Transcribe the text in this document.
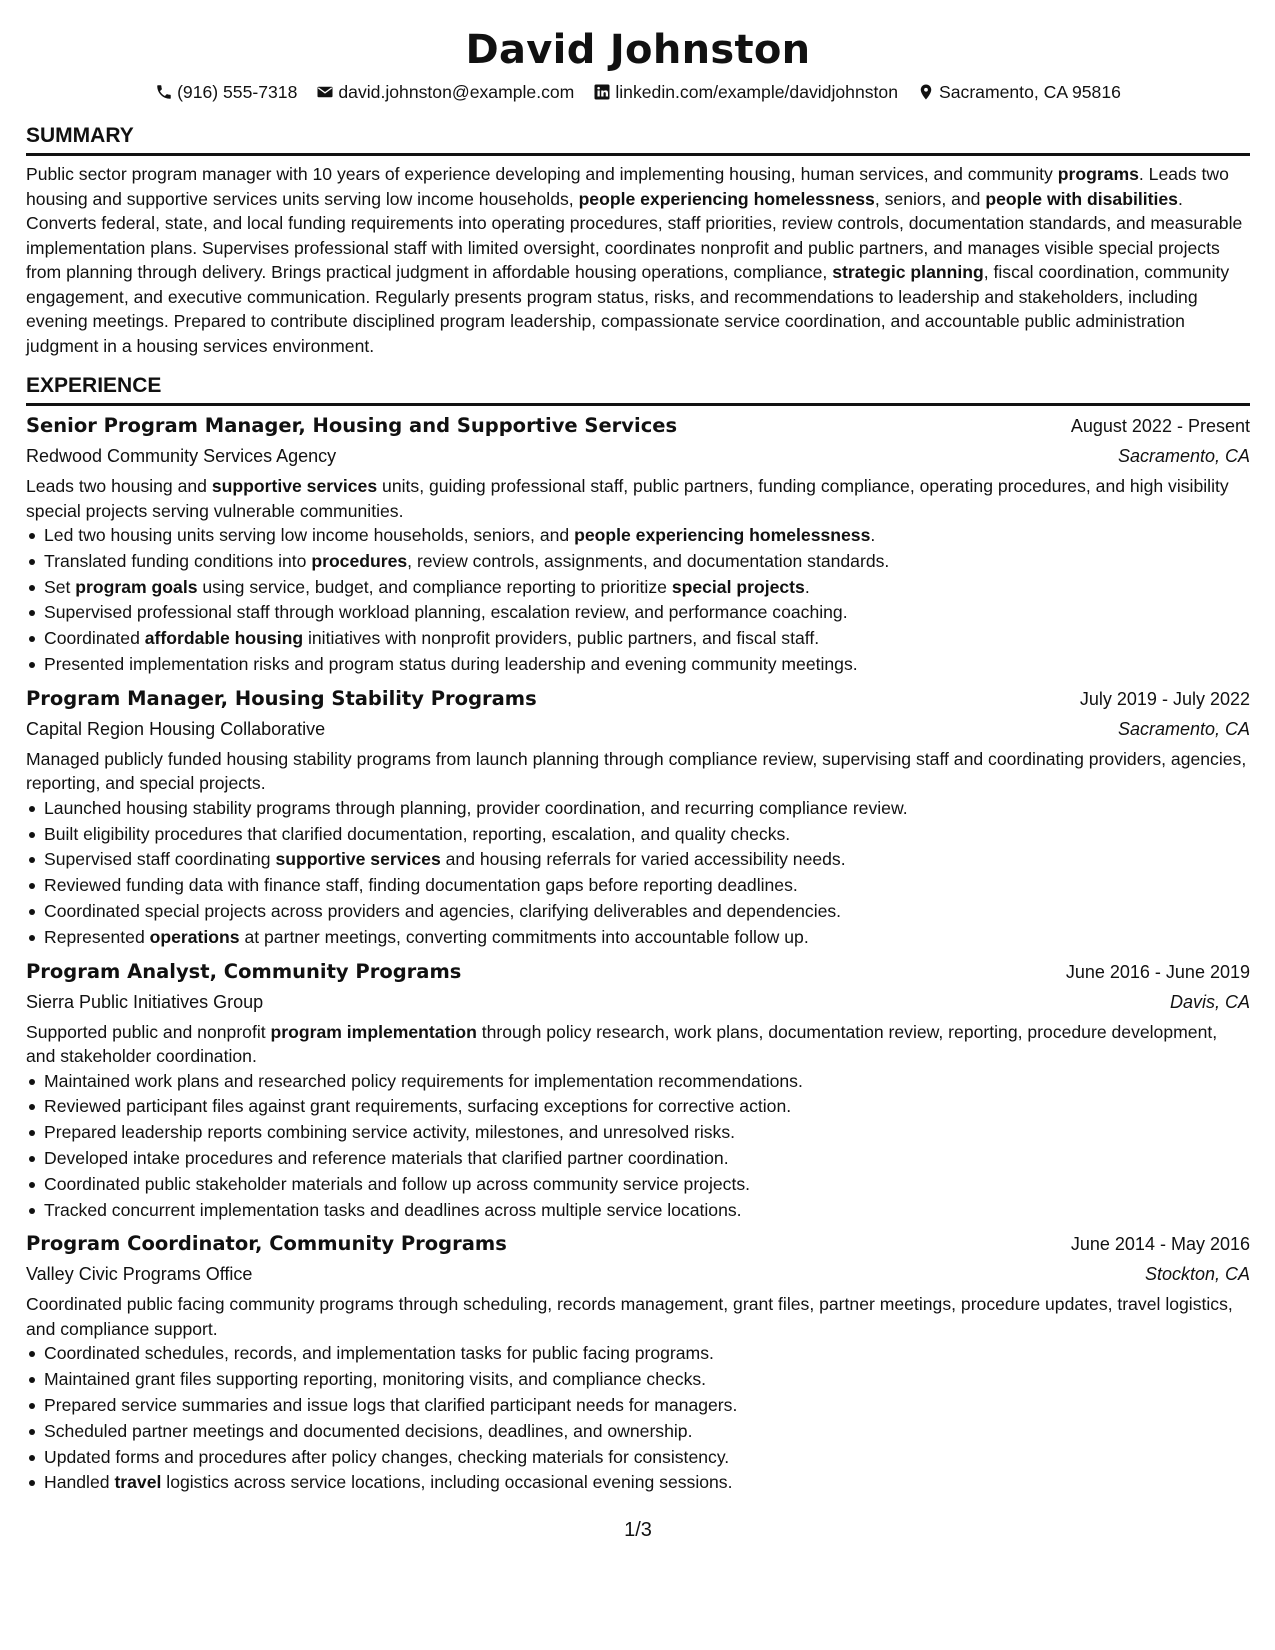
David Johnston
(916) 555-7318 david.johnston@example.com linkedin.com/example/davidjohnston Sacramento, CA 95816
SUMMARY

Public sector program manager with 10 years of experience developing and implementing housing, human services, and community programs. Leads two housing and supportive services units serving low income households, people experiencing homelessness, seniors, and people with disabilities. Converts federal, state, and local funding requirements into operating procedures, staff priorities, review controls, documentation standards, and measurable implementation plans. Supervises professional staff with limited oversight, coordinates nonprofit and public partners, and manages visible special projects from planning through delivery. Brings practical judgment in affordable housing operations, compliance, strategic planning, fiscal coordination, community engagement, and executive communication. Regularly presents program status, risks, and recommendations to leadership and stakeholders, including evening meetings. Prepared to contribute disciplined program leadership, compassionate service coordination, and accountable public administration judgment in a housing services environment.

EXPERIENCE
Senior Program Manager, Housing and Supportive Services	August 2022 - Present
Redwood Community Services Agency	Sacramento, CA

Leads two housing and supportive services units, guiding professional staff, public partners, funding compliance, operating procedures, and high visibility special projects serving vulnerable communities.

Led two housing units serving low income households, seniors, and people experiencing homelessness.
Translated funding conditions into procedures, review controls, assignments, and documentation standards.
Set program goals using service, budget, and compliance reporting to prioritize special projects.
Supervised professional staff through workload planning, escalation review, and performance coaching.
Coordinated affordable housing initiatives with nonprofit providers, public partners, and fiscal staff.
Presented implementation risks and program status during leadership and evening community meetings.
Program Manager, Housing Stability Programs	July 2019 - July 2022
Capital Region Housing Collaborative	Sacramento, CA

Managed publicly funded housing stability programs from launch planning through compliance review, supervising staff and coordinating providers, agencies, reporting, and special projects.

Launched housing stability programs through planning, provider coordination, and recurring compliance review.
Built eligibility procedures that clarified documentation, reporting, escalation, and quality checks.
Supervised staff coordinating supportive services and housing referrals for varied accessibility needs.
Reviewed funding data with finance staff, finding documentation gaps before reporting deadlines.
Coordinated special projects across providers and agencies, clarifying deliverables and dependencies.
Represented operations at partner meetings, converting commitments into accountable follow up.
Program Analyst, Community Programs	June 2016 - June 2019
Sierra Public Initiatives Group	Davis, CA

Supported public and nonprofit program implementation through policy research, work plans, documentation review, reporting, procedure development, and stakeholder coordination.

Maintained work plans and researched policy requirements for implementation recommendations.
Reviewed participant files against grant requirements, surfacing exceptions for corrective action.
Prepared leadership reports combining service activity, milestones, and unresolved risks.
Developed intake procedures and reference materials that clarified partner coordination.
Coordinated public stakeholder materials and follow up across community service projects.
Tracked concurrent implementation tasks and deadlines across multiple service locations.
Program Coordinator, Community Programs	June 2014 - May 2016
Valley Civic Programs Office	Stockton, CA

Coordinated public facing community programs through scheduling, records management, grant files, partner meetings, procedure updates, travel logistics, and compliance support.

Coordinated schedules, records, and implementation tasks for public facing programs.
Maintained grant files supporting reporting, monitoring visits, and compliance checks.
Prepared service summaries and issue logs that clarified participant needs for managers.
Scheduled partner meetings and documented decisions, deadlines, and ownership.
Updated forms and procedures after policy changes, checking materials for consistency.
Handled travel logistics across service locations, including occasional evening sessions.
1/3
